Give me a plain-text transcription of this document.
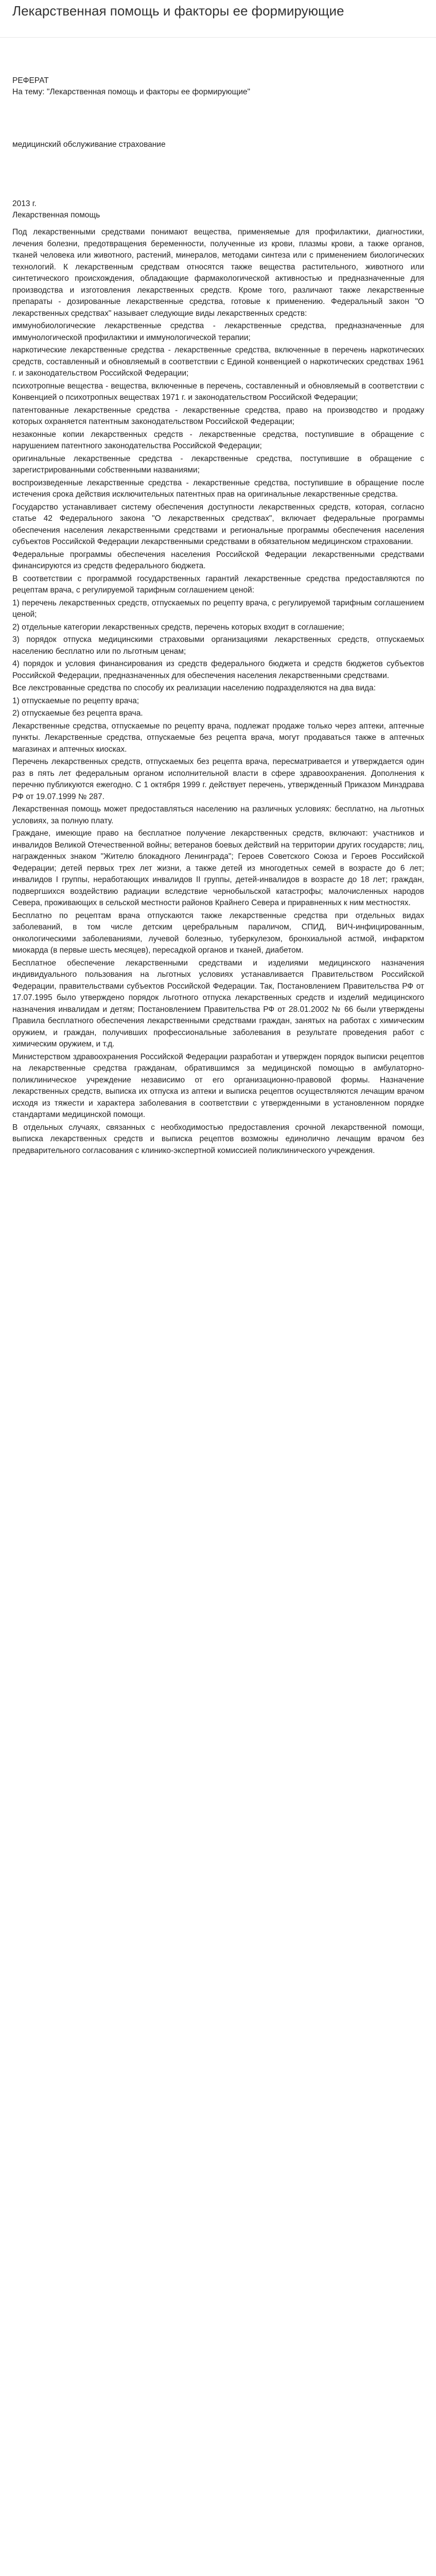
Лекарственная помощь и факторы ее формирующие
РЕФЕРАТ
На тему: "Лекарственная помощь и факторы ее формирующие"
медицинский обслуживание страхование
2013 г.
Лекарственная помощь

Под лекарственными средствами понимают вещества, применяемые для профилактики, диагностики, лечения болезни, предотвращения беременности, полученные из крови, плазмы крови, а также органов, тканей человека или животного, растений, минералов, методами синтеза или с применением биологических технологий. К лекарственным средствам относятся также вещества растительного, животного или синтетического происхождения, обладающие фармакологической активностью и предназначенные для производства и изготовления лекарственных средств. Кроме того, различают также лекарственные препараты - дозированные лекарственные средства, готовые к применению. Федеральный закон "О лекарственных средствах" называет следующие виды лекарственных средств:

иммунобиологические лекарственные средства - лекарственные средства, предназначенные для иммунологической профилактики и иммунологической терапии;

наркотические лекарственные средства - лекарственные средства, включенные в перечень наркотических средств, составленный и обновляемый в соответствии с Единой конвенцией о наркотических средствах 1961 г. и законодательством Российской Федерации;

психотропные вещества - вещества, включенные в перечень, составленный и обновляемый в соответствии с Конвенцией о психотропных веществах 1971 г. и законодательством Российской Федерации;

патентованные лекарственные средства - лекарственные средства, право на производство и продажу которых охраняется патентным законодательством Российской Федерации;

незаконные копии лекарственных средств - лекарственные средства, поступившие в обращение с нарушением патентного законодательства Российской Федерации;

оригинальные лекарственные средства - лекарственные средства, поступившие в обращение с зарегистрированными собственными названиями;

воспроизведенные лекарственные средства - лекарственные средства, поступившие в обращение после истечения срока действия исключительных патентных прав на оригинальные лекарственные средства.

Государство устанавливает систему обеспечения доступности лекарственных средств, которая, согласно статье 42 Федерального закона "О лекарственных средствах", включает федеральные программы обеспечения населения лекарственными средствами и региональные программы обеспечения населения субъектов Российской Федерации лекарственными средствами в обязательном медицинском страховании.

Федеральные программы обеспечения населения Российской Федерации лекарственными средствами финансируются из средств федерального бюджета.

В соответствии с программой государственных гарантий лекарственные средства предоставляются по рецептам врача, с регулируемой тарифным соглашением ценой:

1) перечень лекарственных средств, отпускаемых по рецепту врача, с регулируемой тарифным соглашением ценой;

2) отдельные категории лекарственных средств, перечень которых входит в соглашение;

3) порядок отпуска медицинскими страховыми организациями лекарственных средств, отпускаемых населению бесплатно или по льготным ценам;

4) порядок и условия финансирования из средств федерального бюджета и средств бюджетов субъектов Российской Федерации, предназначенных для обеспечения населения лекарственными средствами.

Все лекстрованные средства по способу их реализации населению подразделяются на два вида:

1) отпускаемые по рецепту врача;

2) отпускаемые без рецепта врача.

Лекарственные средства, отпускаемые по рецепту врача, подлежат продаже только через аптеки, аптечные пункты. Лекарственные средства, отпускаемые без рецепта врача, могут продаваться также в аптечных магазинах и аптечных киосках.

Перечень лекарственных средств, отпускаемых без рецепта врача, пересматривается и утверждается один раз в пять лет федеральным органом исполнительной власти в сфере здравоохранения. Дополнения к перечню публикуются ежегодно. С 1 октября 1999 г. действует перечень, утвержденный Приказом Минздрава РФ от 19.07.1999 № 287.

Лекарственная помощь может предоставляться населению на различных условиях: бесплатно, на льготных условиях, за полную плату.

Граждане, имеющие право на бесплатное получение лекарственных средств, включают: участников и инвалидов Великой Отечественной войны; ветеранов боевых действий на территории других государств; лиц, награжденных знаком "Жителю блокадного Ленинграда"; Героев Советского Союза и Героев Российской Федерации; детей первых трех лет жизни, а также детей из многодетных семей в возрасте до 6 лет; инвалидов I группы, неработающих инвалидов II группы, детей-инвалидов в возрасте до 18 лет; граждан, подвергшихся воздействию радиации вследствие чернобыльской катастрофы; малочисленных народов Севера, проживающих в сельской местности районов Крайнего Севера и приравненных к ним местностях.

Бесплатно по рецептам врача отпускаются также лекарственные средства при отдельных видах заболеваний, в том числе детским церебральным параличом, СПИД, ВИЧ-инфицированным, онкологическими заболеваниями, лучевой болезнью, туберкулезом, бронхиальной астмой, инфарктом миокарда (в первые шесть месяцев), пересадкой органов и тканей, диабетом.

Бесплатное обеспечение лекарственными средствами и изделиями медицинского назначения индивидуального пользования на льготных условиях устанавливается Правительством Российской Федерации, правительствами субъектов Российской Федерации. Так, Постановлением Правительства РФ от 17.07.1995 было утверждено порядок льготного отпуска лекарственных средств и изделий медицинского назначения инвалидам и детям; Постановлением Правительства РФ от 28.01.2002 № 66 были утверждены Правила бесплатного обеспечения лекарственными средствами граждан, занятых на работах с химическим оружием, и граждан, получивших профессиональные заболевания в результате проведения работ с химическим оружием, и т.д.

Министерством здравоохранения Российской Федерации разработан и утвержден порядок выписки рецептов на лекарственные средства гражданам, обратившимся за медицинской помощью в амбулаторно-поликлиническое учреждение независимо от его организационно-правовой формы. Назначение лекарственных средств, выписка их отпуска из аптеки и выписка рецептов осуществляются лечащим врачом исходя из тяжести и характера заболевания в соответствии с утвержденными в установленном порядке стандартами медицинской помощи.

В отдельных случаях, связанных с необходимостью предоставления срочной лекарственной помощи, выписка лекарственных средств и выписка рецептов возможны единолично лечащим врачом без предварительного согласования с клинико-экспертной комиссией поликлинического учреждения.
